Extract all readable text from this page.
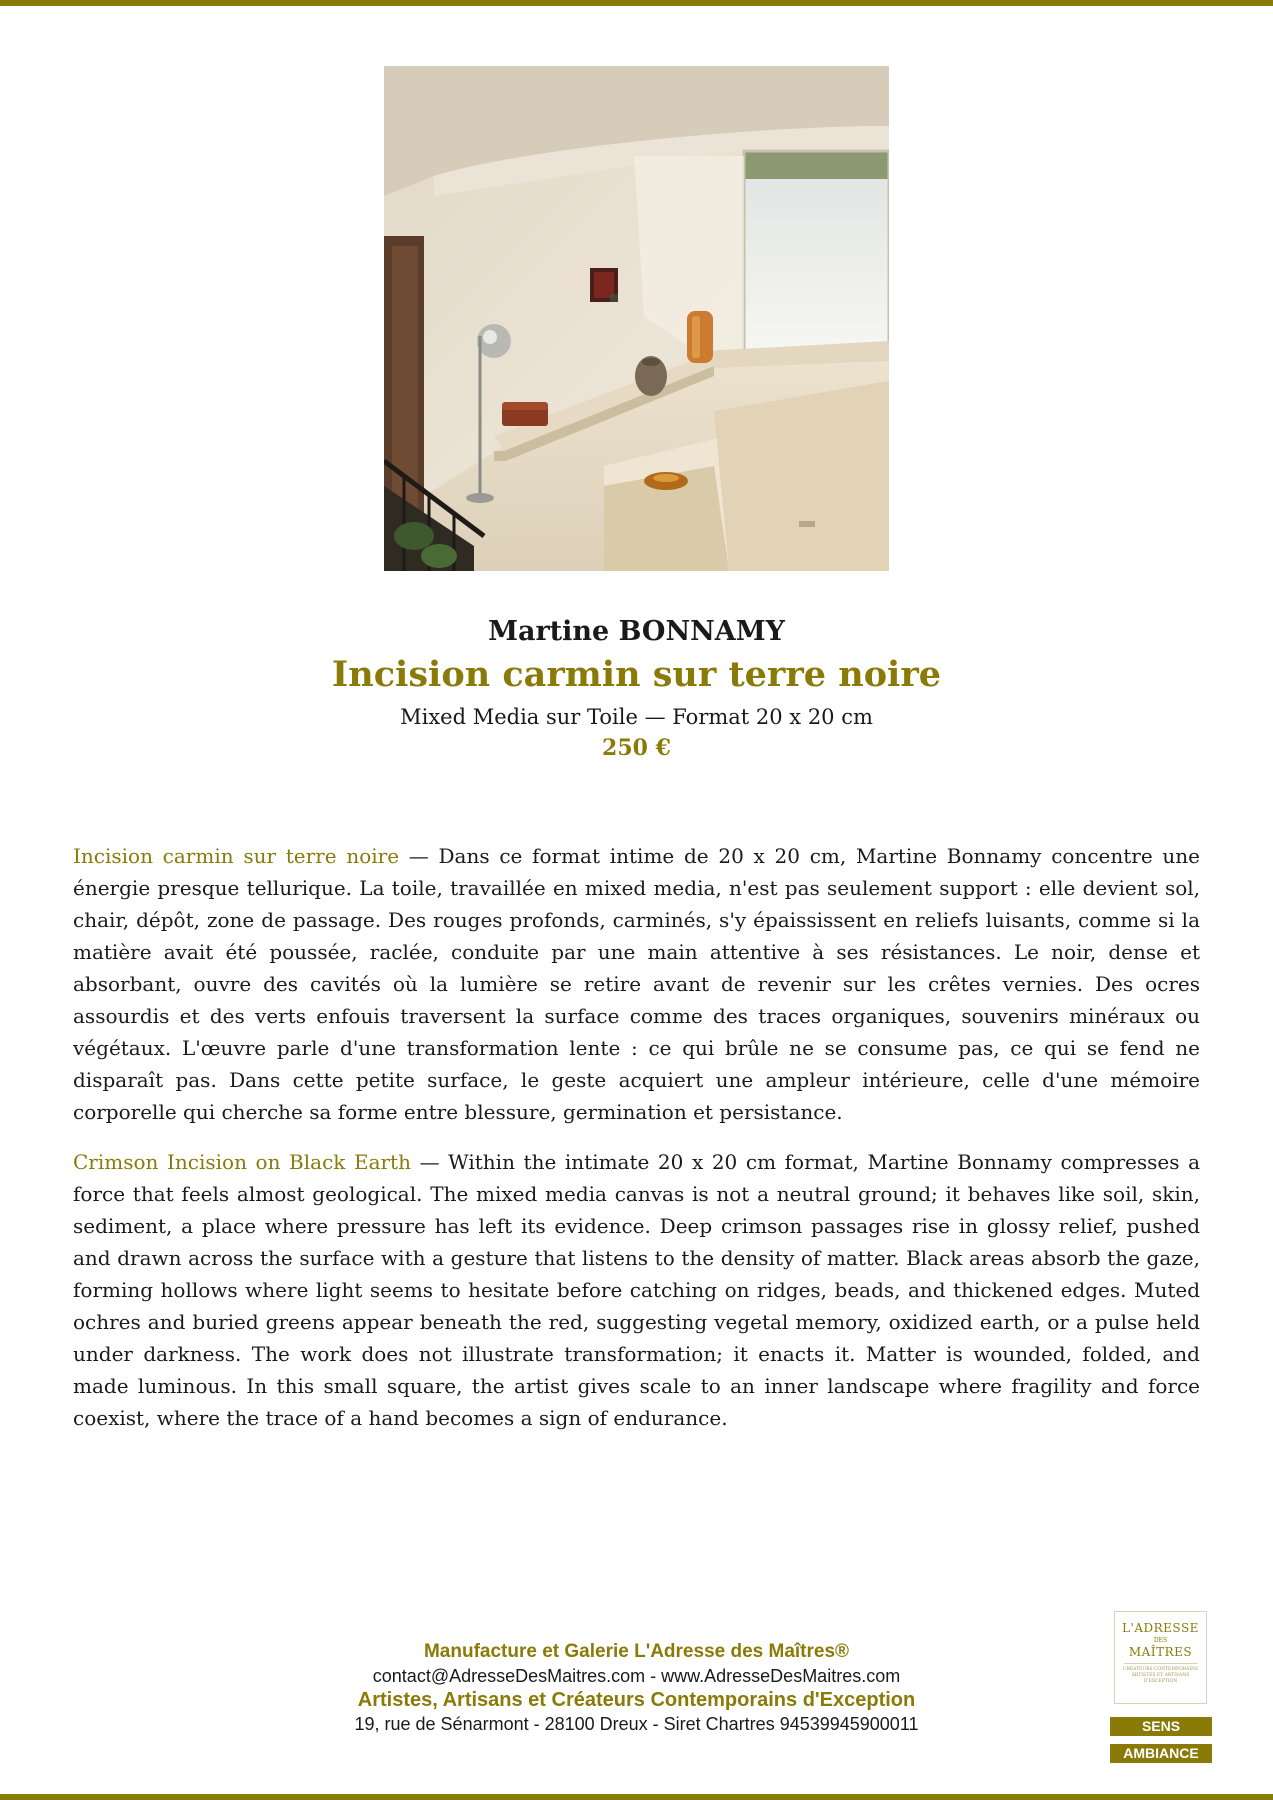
Martine BONNAMY

Incision carmin sur terre noire

Mixed Media sur Toile — Format 20 x 20 cm

250 €

Incision carmin sur terre noire — Dans ce format intime de 20 x 20 cm, Martine Bonnamy concentre une énergie presque tellurique. La toile, travaillée en mixed media, n'est pas seulement support : elle devient sol, chair, dépôt, zone de passage. Des rouges profonds, carminés, s'y épaississent en reliefs luisants, comme si la matière avait été poussée, raclée, conduite par une main attentive à ses résistances. Le noir, dense et absorbant, ouvre des cavités où la lumière se retire avant de revenir sur les crêtes vernies. Des ocres assourdis et des verts enfouis traversent la surface comme des traces organiques, souvenirs minéraux ou végétaux. L'œuvre parle d'une transformation lente : ce qui brûle ne se consume pas, ce qui se fend ne disparaît pas. Dans cette petite surface, le geste acquiert une ampleur intérieure, celle d'une mémoire corporelle qui cherche sa forme entre blessure, germination et persistance.

Crimson Incision on Black Earth — Within the intimate 20 x 20 cm format, Martine Bonnamy compresses a force that feels almost geological. The mixed media canvas is not a neutral ground; it behaves like soil, skin, sediment, a place where pressure has left its evidence. Deep crimson passages rise in glossy relief, pushed and drawn across the surface with a gesture that listens to the density of matter. Black areas absorb the gaze, forming hollows where light seems to hesitate before catching on ridges, beads, and thickened edges. Muted ochres and buried greens appear beneath the red, suggesting vegetal memory, oxidized earth, or a pulse held under darkness. The work does not illustrate transformation; it enacts it. Matter is wounded, folded, and made luminous. In this small square, the artist gives scale to an inner landscape where fragility and force coexist, where the trace of a hand becomes a sign of endurance.

Manufacture et Galerie L'Adresse des Maîtres®
contact@AdresseDesMaitres.com - www.AdresseDesMaitres.com
Artistes, Artisans et Créateurs Contemporains d'Exception
19, rue de Sénarmont - 28100 Dreux - Siret Chartres 94539945900011
L'ADRESSE
DES
MAÎTRES
CRÉATEURS CONTEMPORAINS ARTISTES ET ARTISANS D'EXCEPTION
SENS
AMBIANCE
